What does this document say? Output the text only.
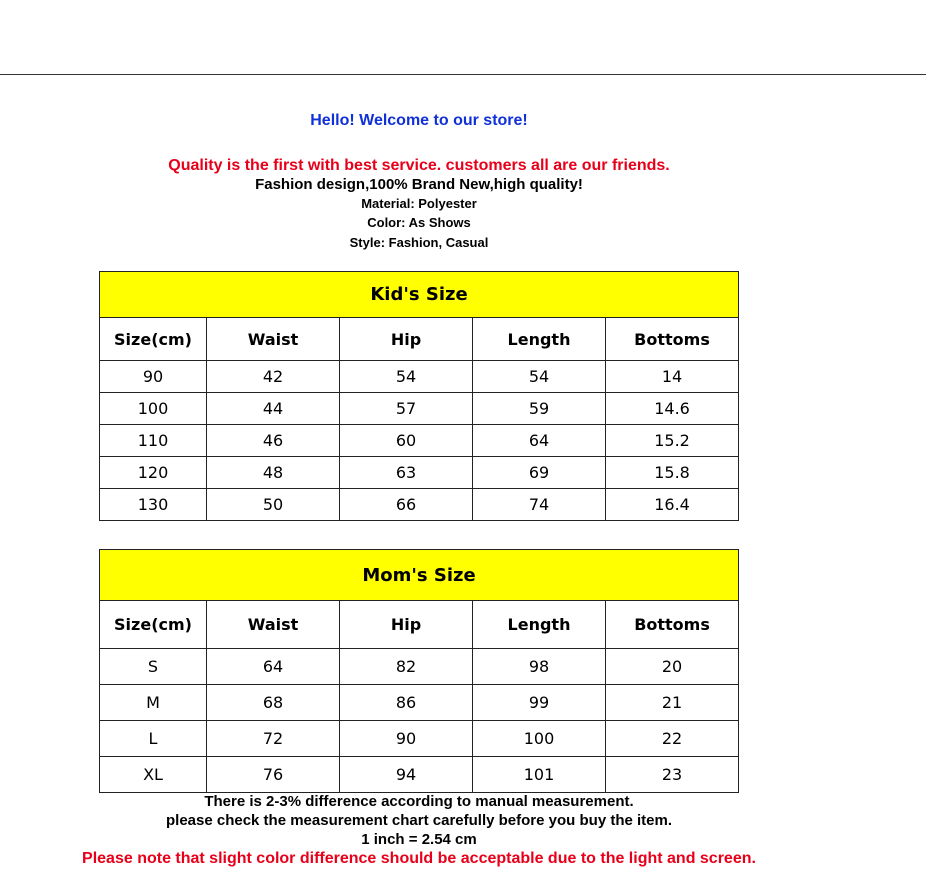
Hello! Welcome to our store!
Quality is the first with best service. customers all are our friends.
Fashion design,100% Brand New,high quality!
Material: Polyester
Color: As Shows
Style: Fashion, Casual
Kid's Size				
Size(cm)	Waist	Hip	Length	Bottoms
90	42	54	54	14
100	44	57	59	14.6
110	46	60	64	15.2
120	48	63	69	15.8
130	50	66	74	16.4
Mom's Size				
Size(cm)	Waist	Hip	Length	Bottoms
S	64	82	98	20
M	68	86	99	21
L	72	90	100	22
XL	76	94	101	23
There is 2-3% difference according to manual measurement.
please check the measurement chart carefully before you buy the item.
1 inch = 2.54 cm
Please note that slight color difference should be acceptable due to the light and screen.
